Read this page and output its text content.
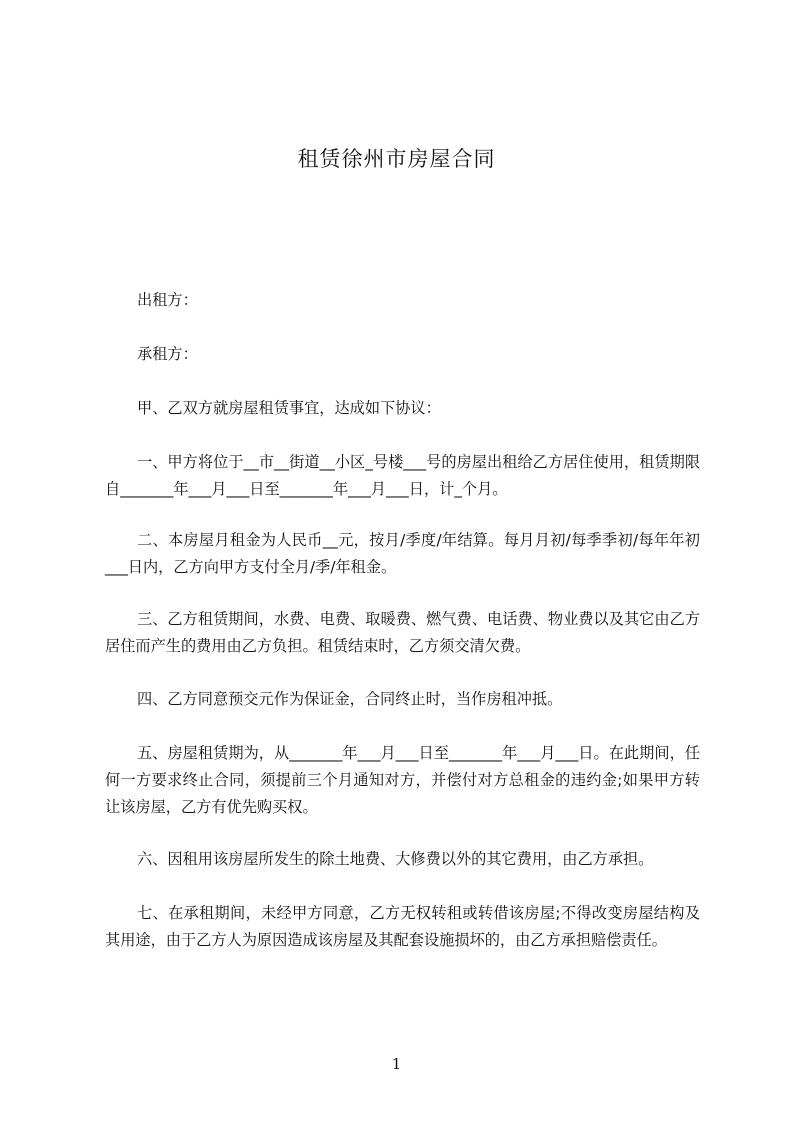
租赁徐州市房屋合同

出租方：

承租方：

甲、乙双方就房屋租赁事宜，达成如下协议：

一、甲方将位于__市__街道__小区_号楼___号的房屋出租给乙方居住使用，租赁期限自_______年___月___日至_______年___月___日，计_个月。

二、本房屋月租金为人民币__元，按月/季度/年结算。每月月初/每季季初/每年年初___日内，乙方向甲方支付全月/季/年租金。

三、乙方租赁期间，水费、电费、取暖费、燃气费、电话费、物业费以及其它由乙方居住而产生的费用由乙方负担。租赁结束时，乙方须交清欠费。

四、乙方同意预交元作为保证金，合同终止时，当作房租冲抵。

五、房屋租赁期为，从_______年___月___日至_______年___月___日。在此期间，任何一方要求终止合同，须提前三个月通知对方，并偿付对方总租金的违约金;如果甲方转让该房屋，乙方有优先购买权。

六、因租用该房屋所发生的除土地费、大修费以外的其它费用，由乙方承担。

七、在承租期间，未经甲方同意，乙方无权转租或转借该房屋;不得改变房屋结构及其用途，由于乙方人为原因造成该房屋及其配套设施损坏的，由乙方承担赔偿责任。

1
